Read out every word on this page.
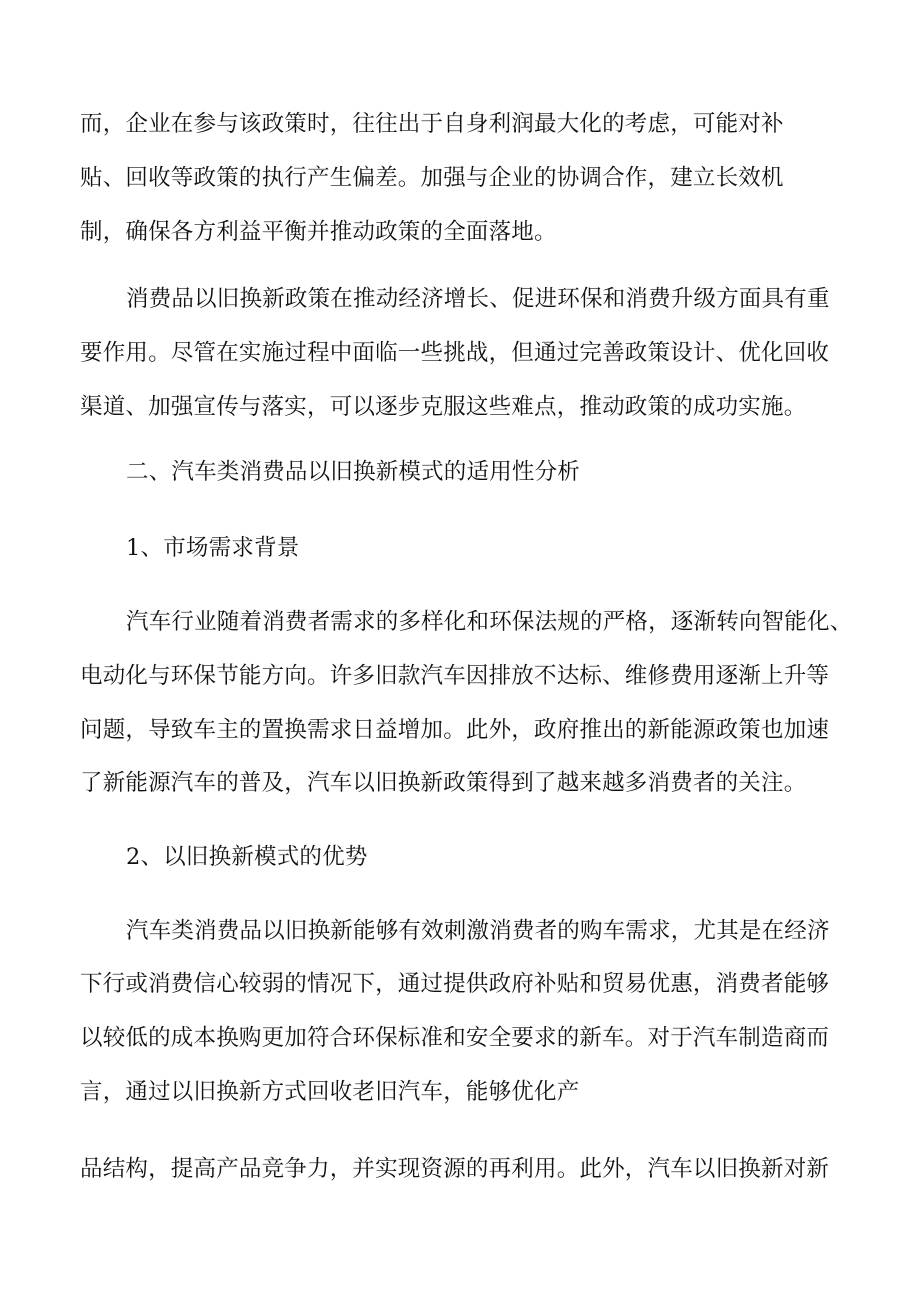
而，企业在参与该政策时，往往出于自身利润最大化的考虑，可能对补
贴、回收等政策的执行产生偏差。加强与企业的协调合作，建立长效机
制，确保各方利益平衡并推动政策的全面落地。
消费品以旧换新政策在推动经济增长、促进环保和消费升级方面具有重
要作用。尽管在实施过程中面临一些挑战，但通过完善政策设计、优化回收
渠道、加强宣传与落实，可以逐步克服这些难点，推动政策的成功实施。
二、汽车类消费品以旧换新模式的适用性分析
1、市场需求背景
汽车行业随着消费者需求的多样化和环保法规的严格，逐渐转向智能化、
电动化与环保节能方向。许多旧款汽车因排放不达标、维修费用逐渐上升等
问题，导致车主的置换需求日益增加。此外，政府推出的新能源政策也加速
了新能源汽车的普及，汽车以旧换新政策得到了越来越多消费者的关注。
2、以旧换新模式的优势
汽车类消费品以旧换新能够有效刺激消费者的购车需求，尤其是在经济
下行或消费信心较弱的情况下，通过提供政府补贴和贸易优惠，消费者能够
以较低的成本换购更加符合环保标准和安全要求的新车。对于汽车制造商而
言，通过以旧换新方式回收老旧汽车，能够优化产
品结构，提高产品竞争力，并实现资源的再利用。此外，汽车以旧换新对新
